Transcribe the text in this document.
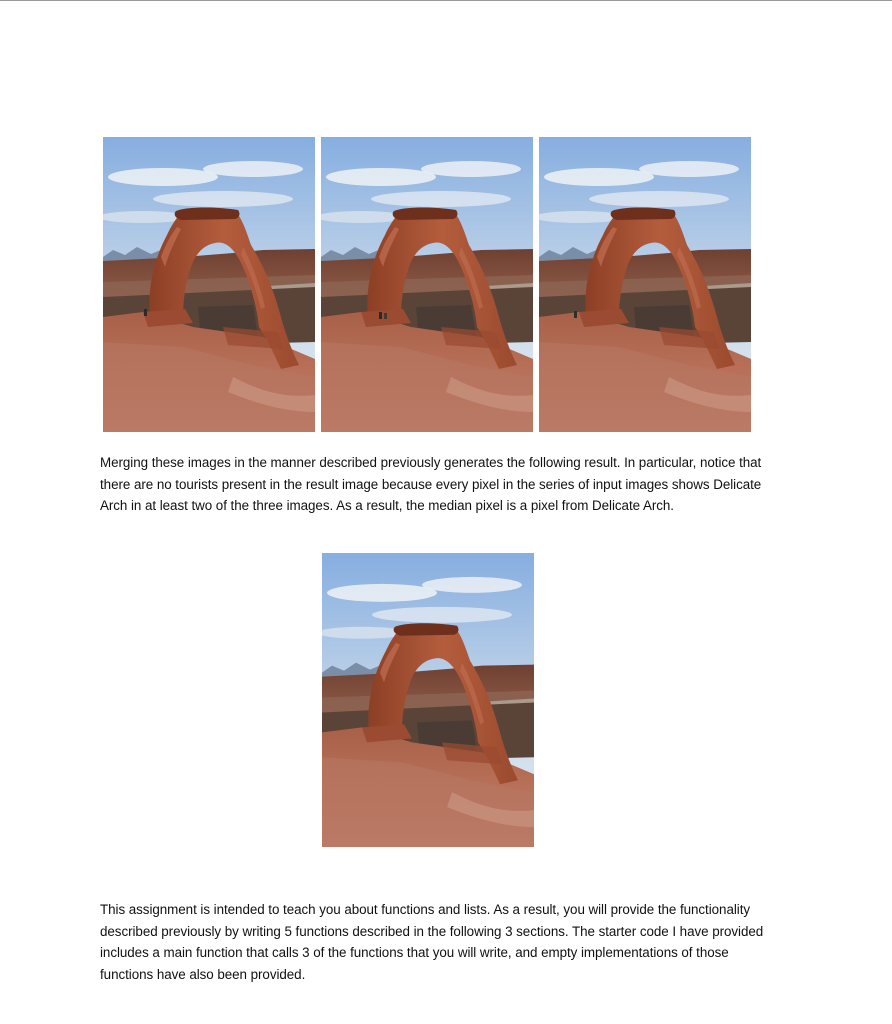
Merging these images in the manner described previously generates the following result. In particular, notice that there are no tourists present in the result image because every pixel in the series of input images shows Delicate Arch in at least two of the three images. As a result, the median pixel is a pixel from Delicate Arch.

This assignment is intended to teach you about functions and lists. As a result, you will provide the functionality described previously by writing 5 functions described in the following 3 sections. The starter code I have provided includes a main function that calls 3 of the functions that you will write, and empty implementations of those functions have also been provided.
